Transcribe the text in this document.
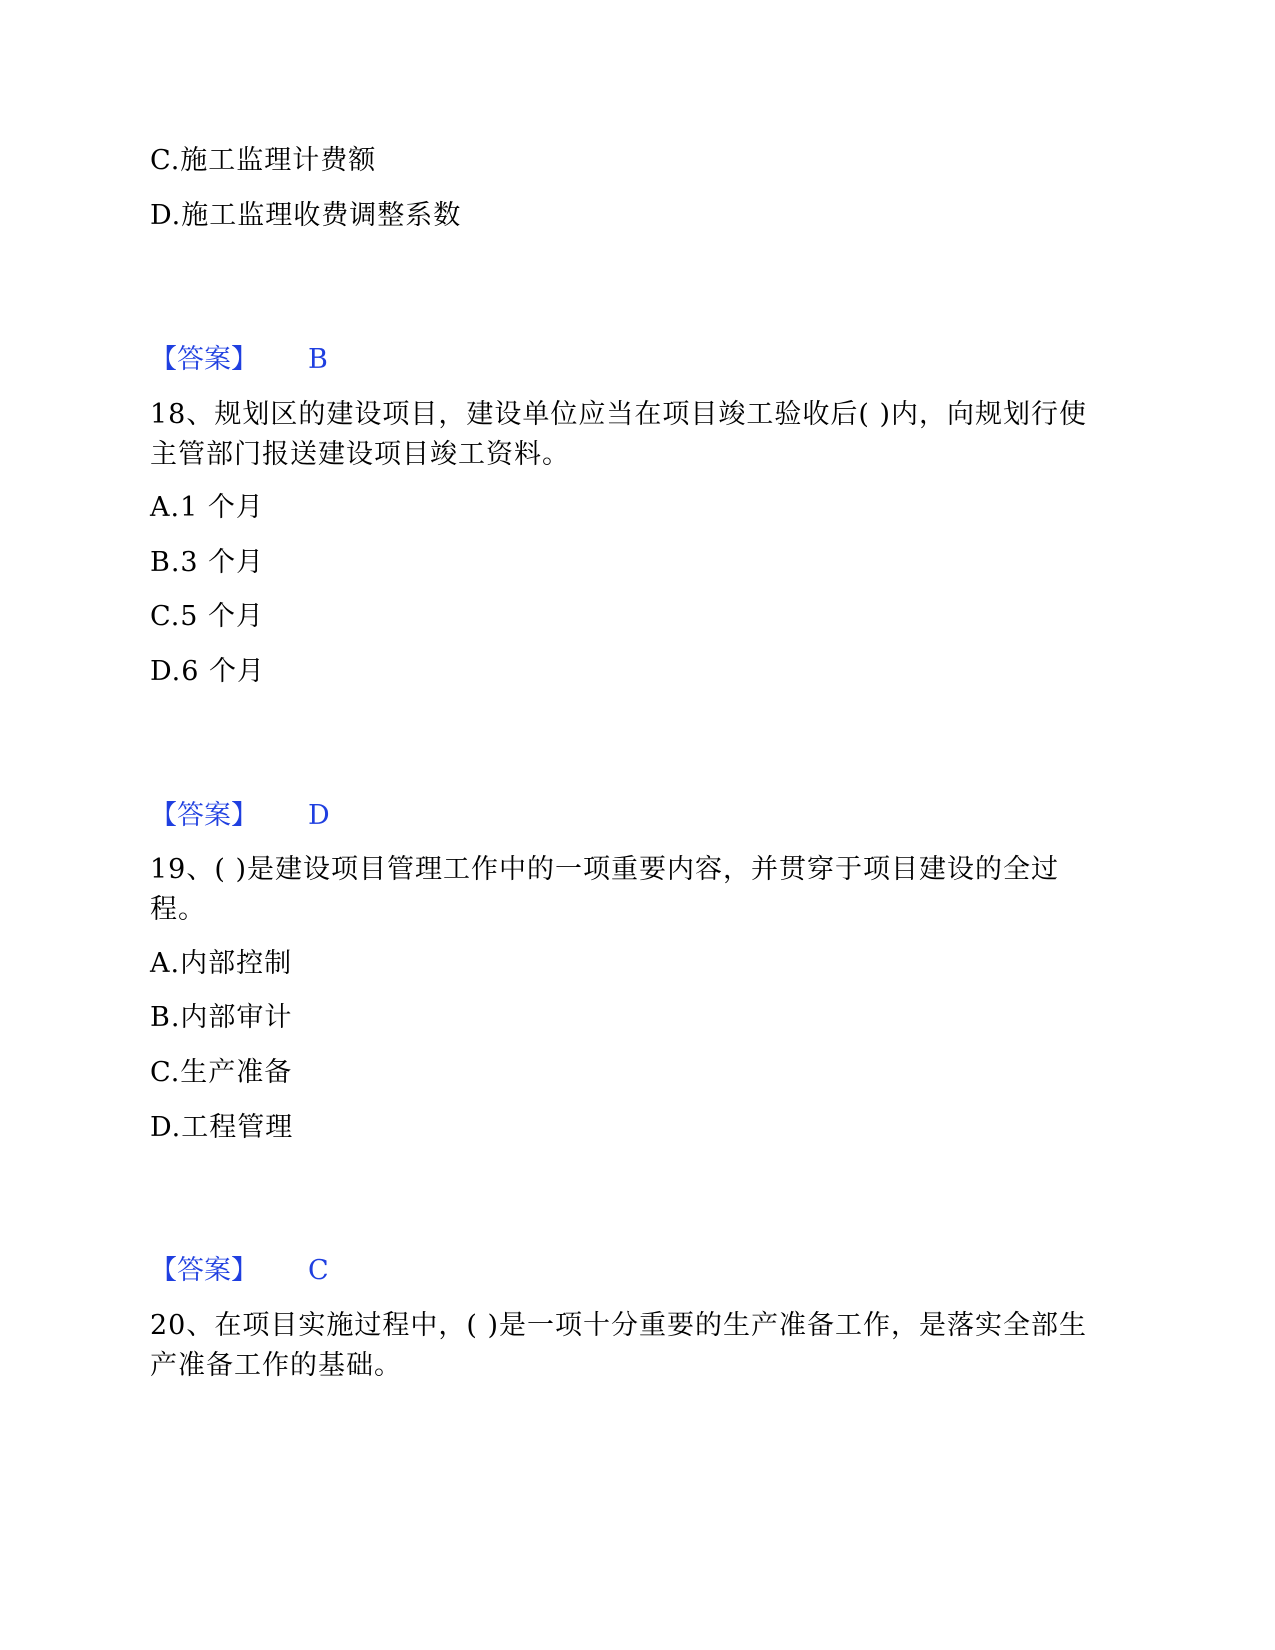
C.施工监理计费额
D.施工监理收费调整系数
【答案】 B
18、规划区的建设项目，建设单位应当在项目竣工验收后( )内，向规划行使主管部门报送建设项目竣工资料。
A.1 个月
B.3 个月
C.5 个月
D.6 个月
【答案】 D
19、( )是建设项目管理工作中的一项重要内容，并贯穿于项目建设的全过程。
A.内部控制
B.内部审计
C.生产准备
D.工程管理
【答案】 C
20、在项目实施过程中，( )是一项十分重要的生产准备工作，是落实全部生产准备工作的基础。
